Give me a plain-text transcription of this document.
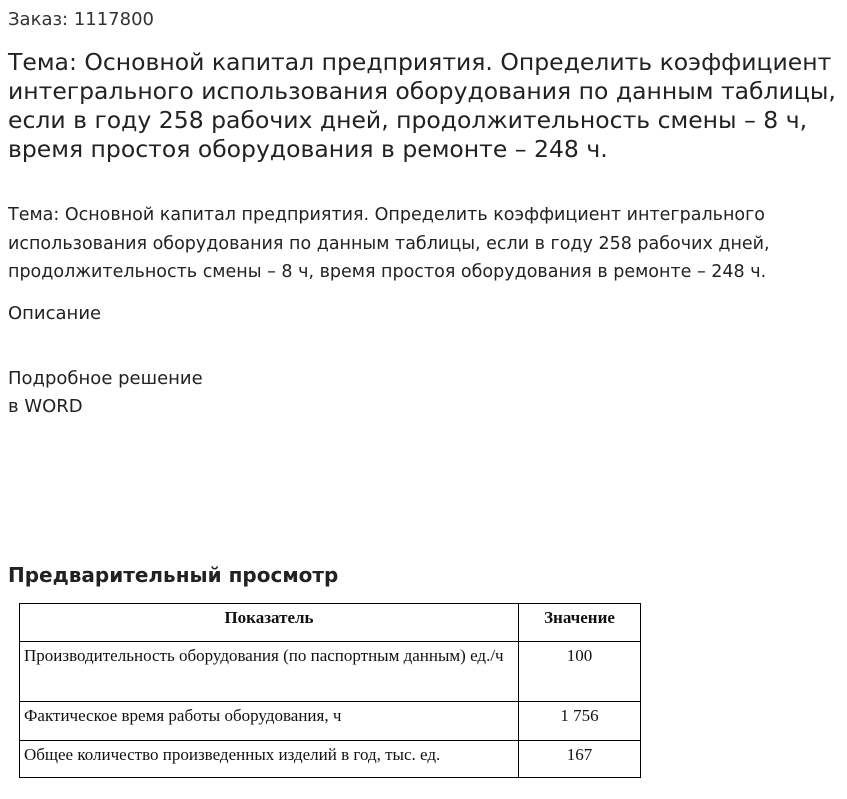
Заказ: 1117800
Тема: Основной капитал предприятия. Определить коэффициент интегрального использования оборудования по данным таблицы, если в году 258 рабочих дней, продолжительность смены – 8 ч, время простоя оборудования в ремонте – 248 ч.
Тема: Основной капитал предприятия. Определить коэффициент интегрального использования оборудования по данным таблицы, если в году 258 рабочих дней, продолжительность смены – 8 ч, время простоя оборудования в ремонте – 248 ч.
Описание
Подробное решение
в WORD
Предварительный просмотр
Показатель	Значение
Производительность оборудования (по паспортным данным) ед./ч	100
Фактическое время работы оборудования, ч	1 756
Общее количество произведенных изделий в год, тыс. ед.	167
